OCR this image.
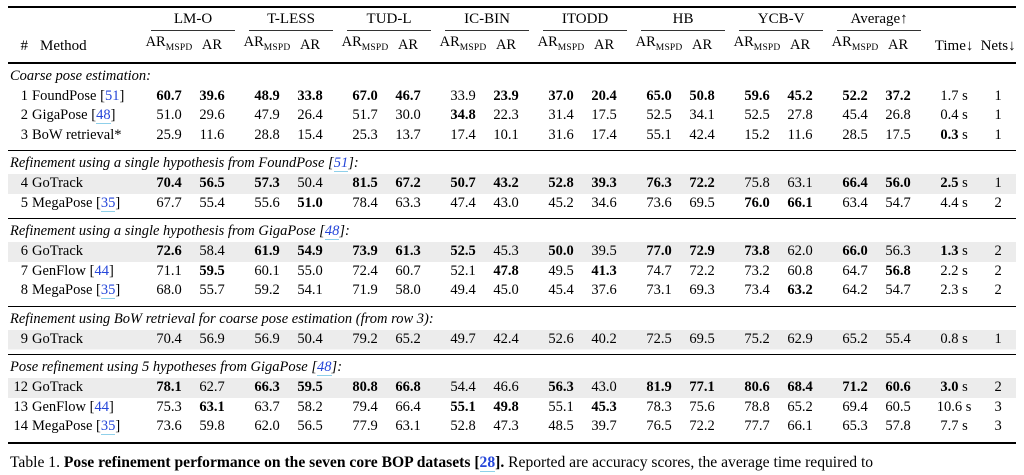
#	Method	LM-O		T-LESS		TUD-L		IC-BIN		ITODD		HB		YCB-V		Average↑		Time↓	Nets↓
		$AR_{MSPD}$	AR	$AR_{MSPD}$	AR	$AR_{MSPD}$	AR	$AR_{MSPD}$	AR	$AR_{MSPD}$	AR	$AR_{MSPD}$	AR	$AR_{MSPD}$	AR	$AR_{MSPD}$	AR		
Coarse pose estimation:																			
1	FoundPose [51]	60.7	39.6	48.9	33.8	67.0	46.7	33.9	23.9	37.0	20.4	65.0	50.8	59.6	45.2	52.2	37.2	1.7 s	1
2	GigaPose [48]	51.0	29.6	47.9	26.4	51.7	30.0	34.8	22.3	31.4	17.5	52.5	34.1	52.5	27.8	45.4	26.8	0.4 s	1
3	BoW retrieval*	25.9	11.6	28.8	15.4	25.3	13.7	17.4	10.1	31.6	17.4	55.1	42.4	15.2	11.6	28.5	17.5	0.3 s	1
Refinement using a single hypothesis from FoundPose [51]:																			
4	GoTrack	70.4	56.5	57.3	50.4	81.5	67.2	50.7	43.2	52.8	39.3	76.3	72.2	75.8	63.1	66.4	56.0	2.5 s	1
5	MegaPose [35]	67.7	55.4	55.6	51.0	78.4	63.3	47.4	43.0	45.2	34.6	73.6	69.5	76.0	66.1	63.4	54.7	4.4 s	2
Refinement using a single hypothesis from GigaPose [48]:																			
6	GoTrack	72.6	58.4	61.9	54.9	73.9	61.3	52.5	45.3	50.0	39.5	77.0	72.9	73.8	62.0	66.0	56.3	1.3 s	2
7	GenFlow [44]	71.1	59.5	60.1	55.0	72.4	60.7	52.1	47.8	49.5	41.3	74.7	72.2	73.2	60.8	64.7	56.8	2.2 s	2
8	MegaPose [35]	68.0	55.7	59.2	54.1	71.9	58.0	49.4	45.0	45.4	37.6	73.1	69.3	73.4	63.2	64.2	54.7	2.3 s	2
Refinement using BoW retrieval for coarse pose estimation (from row 3):																			
9	GoTrack	70.4	56.9	56.9	50.4	79.2	65.2	49.7	42.4	52.6	40.2	72.5	69.5	75.2	62.9	65.2	55.4	0.8 s	1
Pose refinement using 5 hypotheses from GigaPose [48]:																			
12	GoTrack	78.1	62.7	66.3	59.5	80.8	66.8	54.4	46.6	56.3	43.0	81.9	77.1	80.6	68.4	71.2	60.6	3.0 s	2
13	GenFlow [44]	75.3	63.1	63.7	58.2	79.4	66.4	55.1	49.8	55.1	45.3	78.3	75.6	78.8	65.2	69.4	60.5	10.6 s	3
14	MegaPose [35]	73.6	59.8	62.0	56.5	77.9	63.1	52.8	47.3	48.5	39.7	76.5	72.2	77.7	66.1	65.3	57.8	7.7 s	3
Table 1. Pose refinement performance on the seven core BOP datasets [28]. Reported are accuracy scores, the average time required to
